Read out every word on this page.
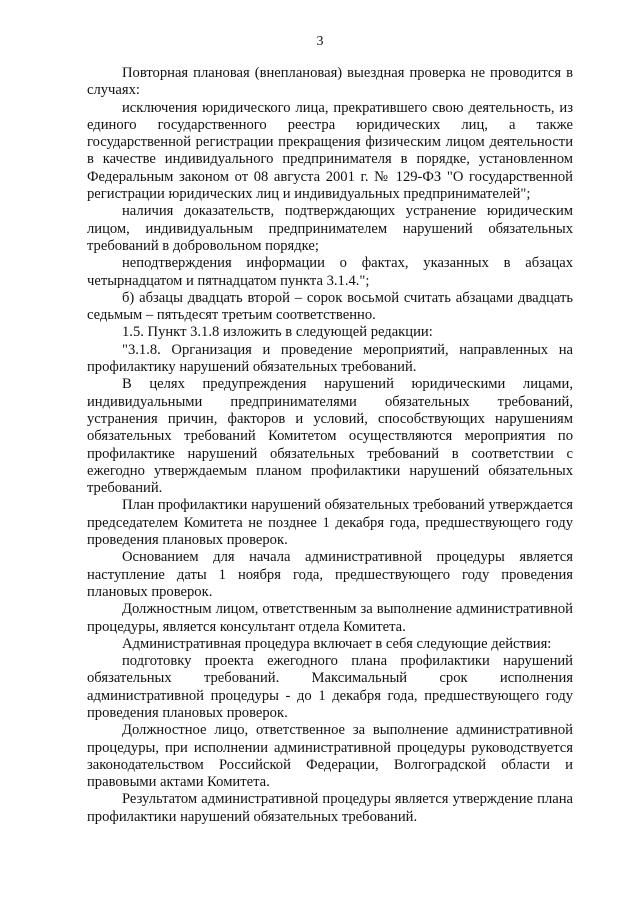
3

Повторная плановая (внеплановая) выездная проверка не проводится в случаях:

исключения юридического лица, прекратившего свою деятельность, из единого государственного реестра юридических лиц, а также государственной регистрации прекращения физическим лицом деятельности в качестве индивидуального предпринимателя в порядке, установленном Федеральным законом от 08 августа 2001 г. № 129-ФЗ "О государственной регистрации юридических лиц и индивидуальных предпринимателей";

наличия доказательств, подтверждающих устранение юридическим лицом, индивидуальным предпринимателем нарушений обязательных требований в добровольном порядке;

неподтверждения информации о фактах, указанных в абзацах четырнадцатом и пятнадцатом пункта 3.1.4.";

б) абзацы двадцать второй – сорок восьмой считать абзацами двадцать седьмым – пятьдесят третьим соответственно.

1.5. Пункт 3.1.8 изложить в следующей редакции:

"3.1.8. Организация и проведение мероприятий, направленных на профилактику нарушений обязательных требований.

В целях предупреждения нарушений юридическими лицами, индивидуальными предпринимателями обязательных требований, устранения причин, факторов и условий, способствующих нарушениям обязательных требований Комитетом осуществляются мероприятия по профилактике нарушений обязательных требований в соответствии с ежегодно утверждаемым планом профилактики нарушений обязательных требований.

План профилактики нарушений обязательных требований утверждается председателем Комитета не позднее 1 декабря года, предшествующего году проведения плановых проверок.

Основанием для начала административной процедуры является наступление даты 1 ноября года, предшествующего году проведения плановых проверок.

Должностным лицом, ответственным за выполнение административной процедуры, является консультант отдела Комитета.

Административная процедура включает в себя следующие действия:

подготовку проекта ежегодного плана профилактики нарушений обязательных требований. Максимальный срок исполнения административной процедуры - до 1 декабря года, предшествующего году проведения плановых проверок.

Должностное лицо, ответственное за выполнение административной процедуры, при исполнении административной процедуры руководствуется законодательством Российской Федерации, Волгоградской области и правовыми актами Комитета.

Результатом административной процедуры является утверждение плана профилактики нарушений обязательных требований.
